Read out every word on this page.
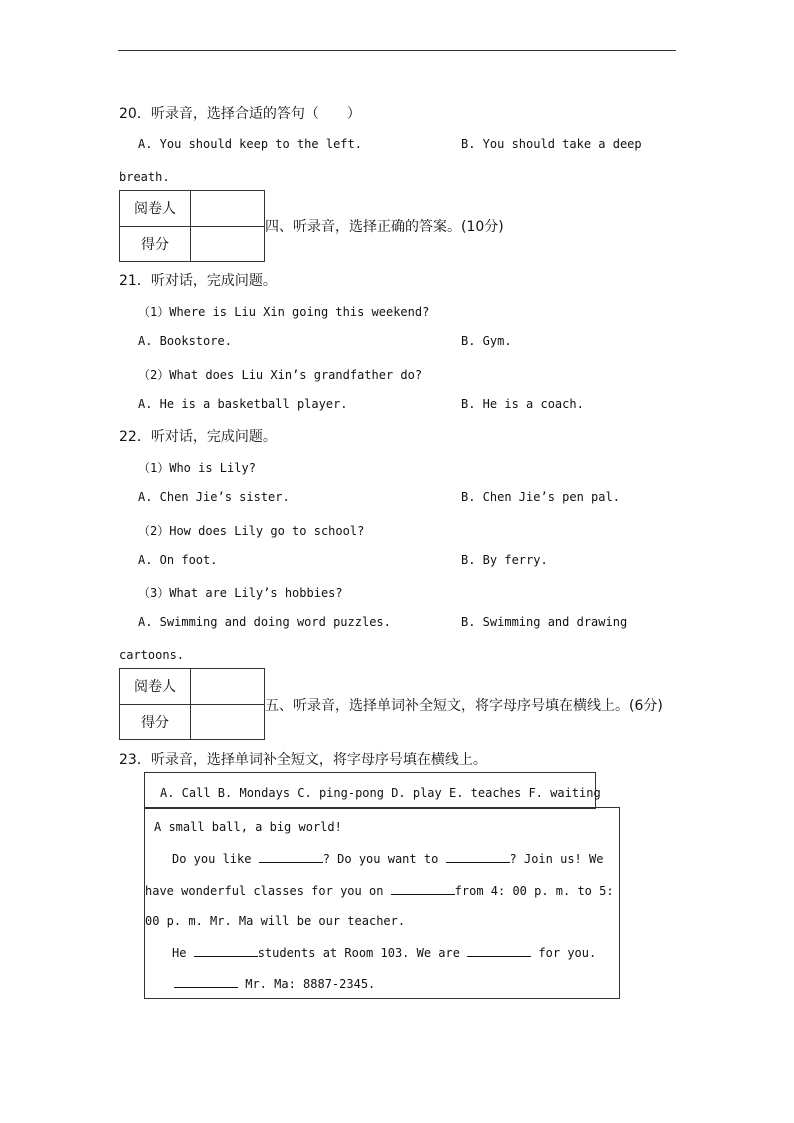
20．听录音，选择合适的答句（　　）
A. You should keep to the left.	B. You should take a deep
breath.
阅卷人	
得分	
四、听录音，选择正确的答案。(10分)
21．听对话，完成问题。
（1）Where is Liu Xin going this weekend?
A. Bookstore.	B. Gym.
（2）What does Liu Xin’s grandfather do?
A. He is a basketball player.	B. He is a coach.
22．听对话，完成问题。
（1）Who is Lily?
A. Chen Jie’s sister.	B. Chen Jie’s pen pal.
（2）How does Lily go to school?
A. On foot.	B. By ferry.
（3）What are Lily’s hobbies?
A. Swimming and doing word puzzles.	B. Swimming and drawing
cartoons.
阅卷人	
得分	
五、听录音，选择单词补全短文，将字母序号填在横线上。(6分)
23．听录音，选择单词补全短文，将字母序号填在横线上。
A. Call B. Mondays C. ping-pong D. play E. teaches F. waiting
A small ball, a big world!
Do you like	? Do you want to	? Join us! We
have wonderful classes for you on	from 4: 00 p. m. to 5:
00 p. m. Mr. Ma will be our teacher.
He	students at Room 103. We are	for you.
Mr. Ma: 8887-2345.
